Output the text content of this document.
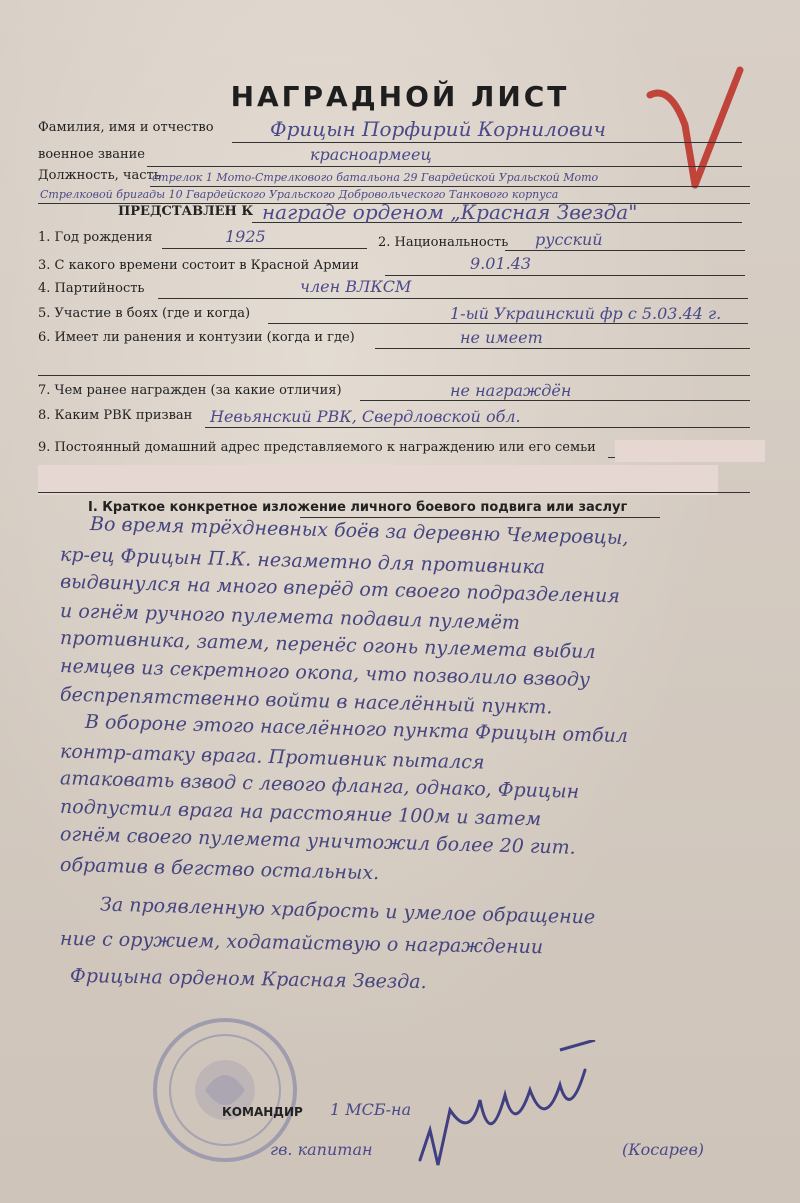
НАГРАДНОЙ ЛИСТ
Фамилия, имя и отчество	Фрицын Порфирий Корнилович
военное звание	красноармеец
Должность, часть
стрелок 1 Мото-Стрелкового батальона 29 Гвардейской Уральской Мото
Стрелковой бригады 10 Гвардейского Уральского Добровольческого Танкового корпуса
ПРЕДСТАВЛЕН К награде орденом „Красная Звезда"
1. Год рождения	1925	2. Национальность русский
3. С какого времени состоит в Красной Армии	9.01.43
4. Партийность	член ВЛКСМ
5. Участие в боях (где и когда)	1-ый Украинский фр с 5.03.44 г.
6. Имеет ли ранения и контузии (когда и где)	не имеет
7. Чем ранее награжден (за какие отличия)	не награждён
8. Каким РВК призван Невьянский РВК, Свердловской обл.
9. Постоянный домашний адрес представляемого к награждению или его семьи
I. Краткое конкретное изложение личного боевого подвига или заслуг
Во время трёхдневных боёв за деревню Чемеровцы,
кр-ец Фрицын П.К. незаметно для противника
выдвинулся на много вперёд от своего подразделения
и огнём ручного пулемета подавил пулемёт
противника, затем, перенёс огонь пулемета выбил
немцев из секретного окопа, что позволило взводу
беспрепятственно войти в населённый пункт.
В обороне этого населённого пункта Фрицын отбил
контр-атаку врага. Противник пытался
атаковать взвод с левого фланга, однако, Фрицын
подпустил врага на расстояние 100м и затем
огнём своего пулемета уничтожил более 20 гит.
обратив в бегство остальных.
За проявленную храбрость и умелое обращение
ние с оружием, ходатайствую о награждении
Фрицына орденом Красная Звезда.
КОМАНДИР 1 МСБ-на
гв. капитан	(Косарев)
